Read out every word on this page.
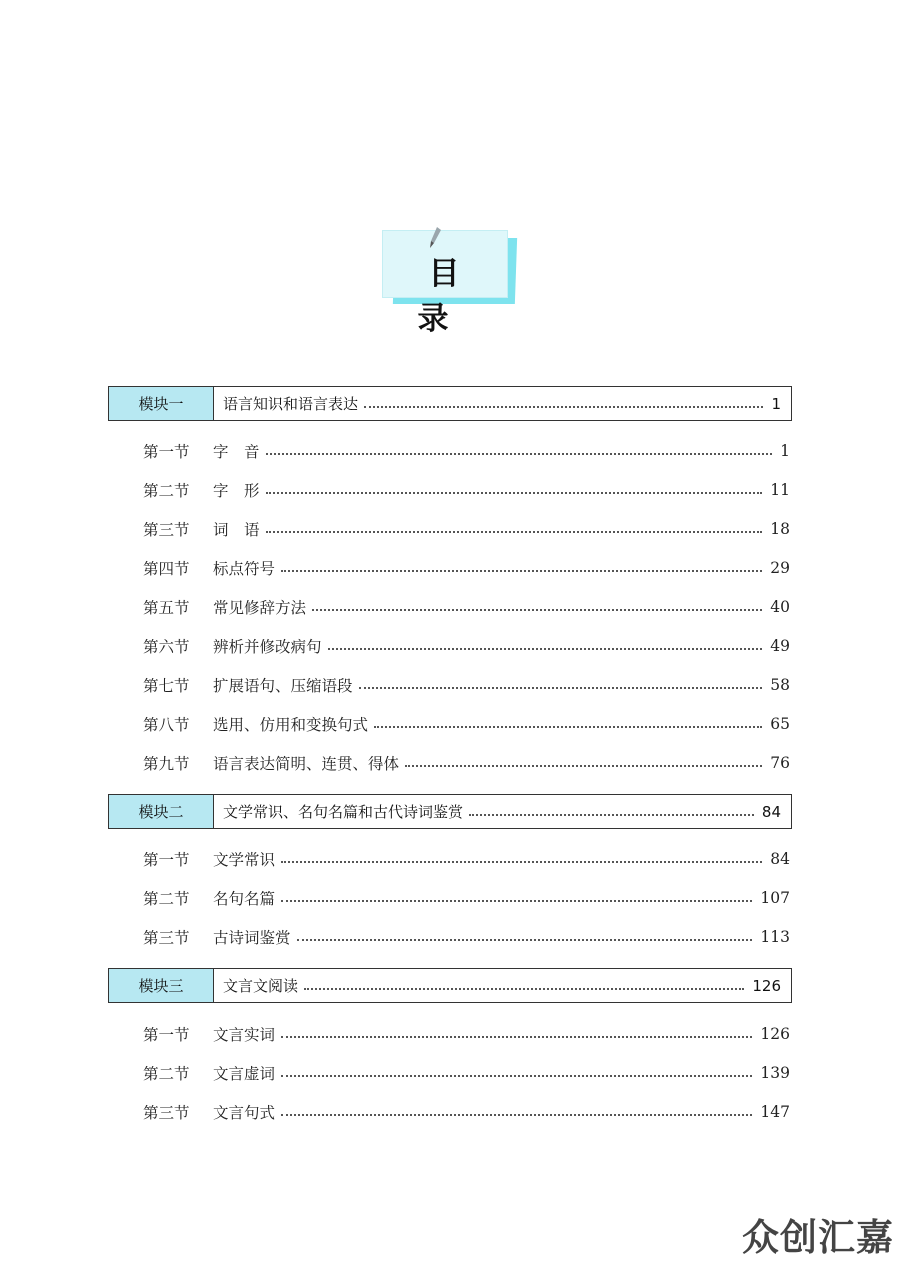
目 录
模块一	语言知识和语言表达	1
第一节	字　音	1
第二节	字　形	11
第三节	词　语	18
第四节	标点符号	29
第五节	常见修辞方法	40
第六节	辨析并修改病句	49
第七节	扩展语句、压缩语段	58
第八节	选用、仿用和变换句式	65
第九节	语言表达简明、连贯、得体	76
模块二	文学常识、名句名篇和古代诗词鉴赏	84
第一节	文学常识	84
第二节	名句名篇	107
第三节	古诗词鉴赏	113
模块三	文言文阅读	126
第一节	文言实词	126
第二节	文言虚词	139
第三节	文言句式	147
众创汇嘉
